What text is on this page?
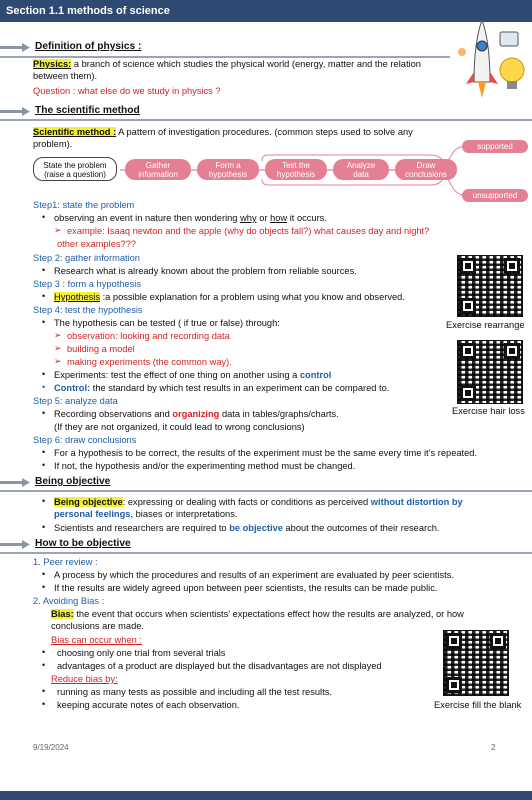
Section 1.1 methods of science
Definition of physics :
Physics: a branch of science which studies the physical world (energy, matter and the relation between them).
Question : what else do we study in physics ?
The scientific method
Scientific method : A pattern of investigation procedures. (common steps used to solve any problem).
State the problem
(raise a question)
Gather
information
Form a
hypothesis
Test the
hypothesis
Analyze
data
Draw
conclusions
supported
unsupported
Step1: state the problem
• observing an event in nature then wondering why or how it occurs.
➢ example: Isaaq newton and the apple (why do objects fall?) what causes day and night?
other examples???
Step 2: gather information
• Research what is already known about the problem from reliable sources.
Step 3 : form a hypothesis
• Hypothesis :a possible explanation for a problem using what you know and observed.
Step 4: test the hypothesis
• The hypothesis can be tested ( if true or false) through:
➢ observation: looking and recording data
➢ building a model
➢ making experiments (the common way).
• Experiments: test the effect of one thing on another using a control
• Control: the standard by which test results in an experiment can be compared to.
Step 5: analyze data
• Recording observations and organizing data in tables/graphs/charts.
(If they are not organized, it could lead to wrong conclusions)
Step 6: draw conclusions
• For a hypothesis to be correct, the results of the experiment must be the same every time it’s repeated.
• If not, the hypothesis and/or the experimenting method must be changed.
Exercise rearrange
Exercise hair loss
Being objective
• Being objective: expressing or dealing with facts or conditions as perceived without distortion by personal feelings, biases or interpretations.
• Scientists and researchers are required to be objective about the outcomes of their research.
How to be objective
1. Peer review :
• A process by which the procedures and results of an experiment are evaluated by peer scientists.
• If the results are widely agreed upon between peer scientists, the results can be made public.
2. Avoiding Bias :
Bias: the event that occurs when scientists’ expectations effect how the results are analyzed, or how conclusions are made.
Bias can occur when :
• choosing only one trial from several trials
• advantages of a product are displayed but the disadvantages are not displayed
Reduce bias by:
• running as many tests as possible and including all the test results.
• keeping accurate notes of each observation.	Exercise fill the blank
9/19/2024	2
